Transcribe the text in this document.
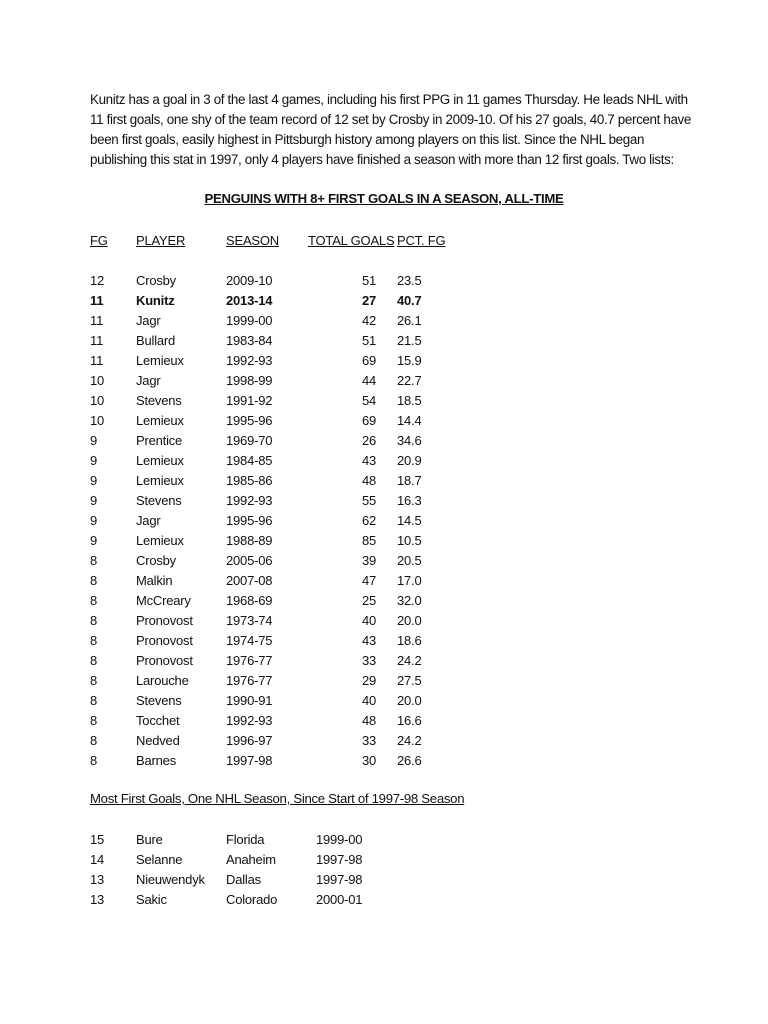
Kunitz has a goal in 3 of the last 4 games, including his first PPG in 11 games Thursday. He leads NHL with 11 first goals, one shy of the team record of 12 set by Crosby in 2009-10. Of his 27 goals, 40.7 percent have been first goals, easily highest in Pittsburgh history among players on this list. Since the NHL began publishing this stat in 1997, only 4 players have finished a season with more than 12 first goals. Two lists:

PENGUINS WITH 8+ FIRST GOALS IN A SEASON, ALL-TIME

FG	PLAYER	SEASON	TOTAL GOALS	PCT. FG

12	Crosby	2009-10	51	23.5
11	Kunitz	2013-14	27	40.7
11	Jagr	1999-00	42	26.1
11	Bullard	1983-84	51	21.5
11	Lemieux	1992-93	69	15.9
10	Jagr	1998-99	44	22.7
10	Stevens	1991-92	54	18.5
10	Lemieux	1995-96	69	14.4
9	Prentice	1969-70	26	34.6
9	Lemieux	1984-85	43	20.9
9	Lemieux	1985-86	48	18.7
9	Stevens	1992-93	55	16.3
9	Jagr	1995-96	62	14.5
9	Lemieux	1988-89	85	10.5
8	Crosby	2005-06	39	20.5
8	Malkin	2007-08	47	17.0
8	McCreary	1968-69	25	32.0
8	Pronovost	1973-74	40	20.0
8	Pronovost	1974-75	43	18.6
8	Pronovost	1976-77	33	24.2
8	Larouche	1976-77	29	27.5
8	Stevens	1990-91	40	20.0
8	Tocchet	1992-93	48	16.6
8	Nedved	1996-97	33	24.2
8	Barnes	1997-98	30	26.6

Most First Goals, One NHL Season, Since Start of 1997-98 Season

15	Bure	Florida	1999-00
14	Selanne	Anaheim	1997-98
13	Nieuwendyk	Dallas	1997-98
13	Sakic	Colorado	2000-01
